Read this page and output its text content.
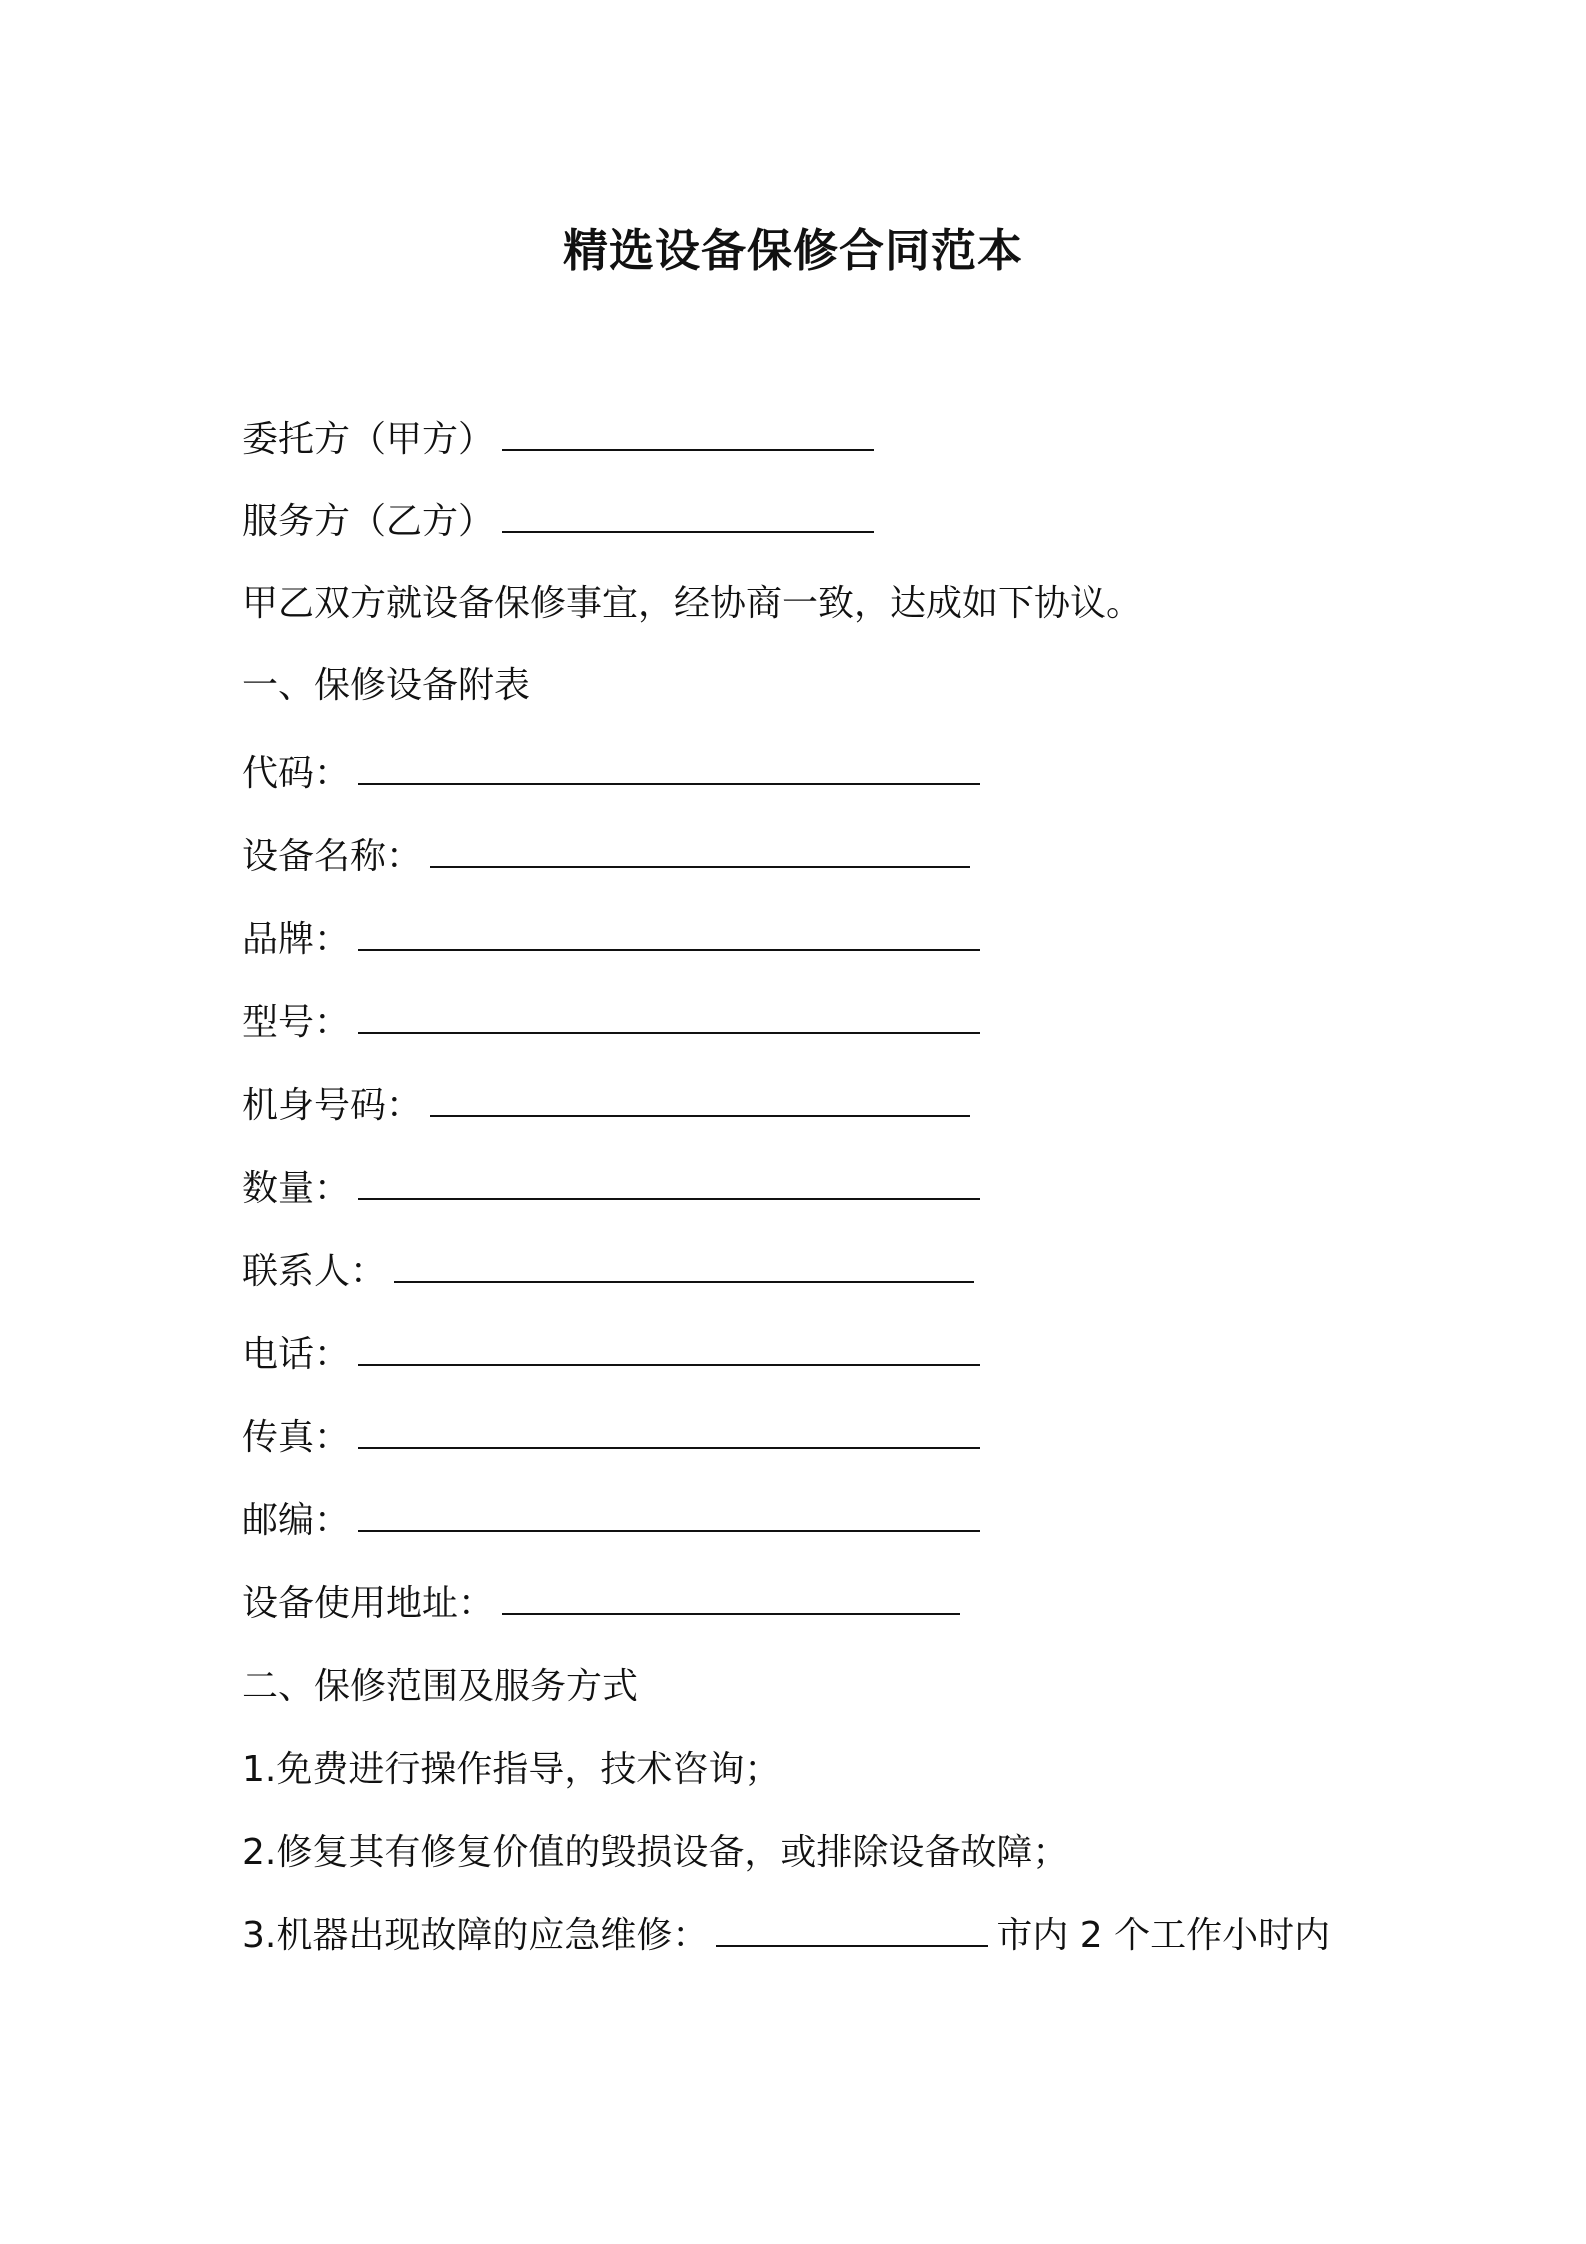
精选设备保修合同范本
委托方（甲方）
服务方（乙方）
甲乙双方就设备保修事宜，经协商一致，达成如下协议。
一、保修设备附表
代码：
设备名称：
品牌：
型号：
机身号码：
数量：
联系人：
电话：
传真：
邮编：
设备使用地址：
二、保修范围及服务方式
1.免费进行操作指导，技术咨询；
2.修复其有修复价值的毁损设备，或排除设备故障；
3.机器出现故障的应急维修：	市内 2 个工作小时内
